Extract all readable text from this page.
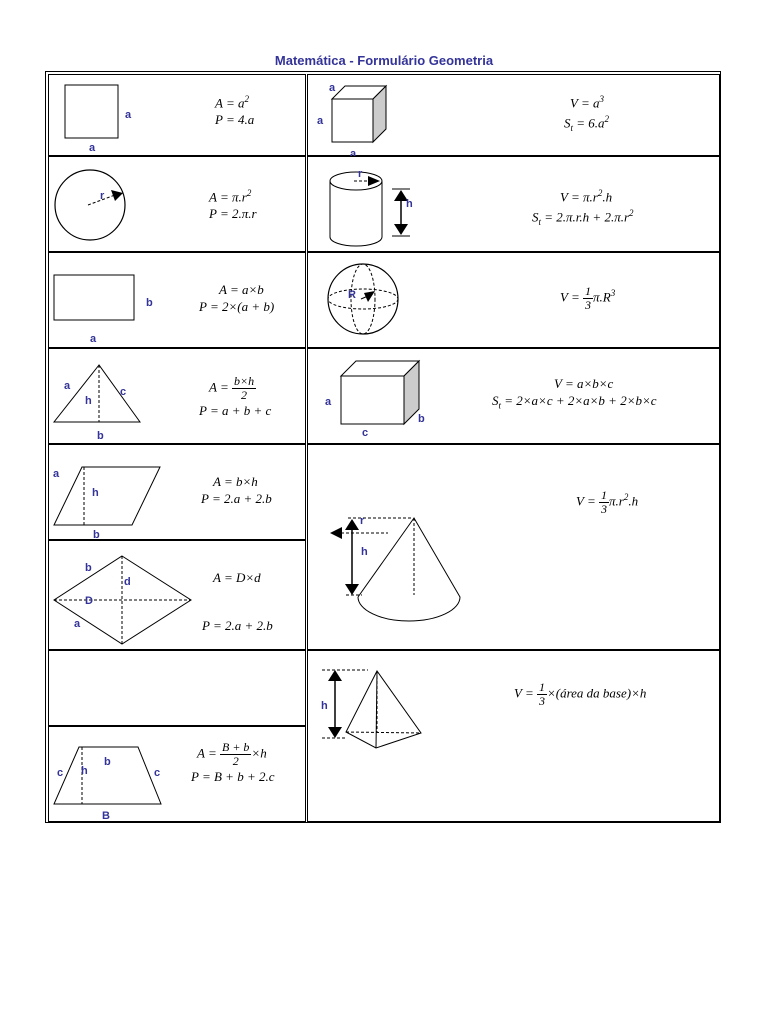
Matemática - Formulário Geometria
a
a
$A = a^2$
P = 4.a
r	$A = \pi.r^2$
P = 2.π.r
b
a
A = a×b
P = 2×(a + b)
a
h
c
b
$A = \frac{b\times h}{2}$
P = a + b + c
a
h
b
A = b×h
P = 2.a + 2.b
b
d
D
a
A = D×d
P = 2.a + 2.b
c h
b
c
B
$A = \frac{B + b}{2} \times h$
P = B + b + 2.c
a
a
a
$V = a^3$
$S_t = 6.a^2$
r
h	$V = \pi.r^2.h$
$S_t = 2.\pi.r.h + 2.\pi.r^2$
R	$V = \frac{1}{3} \pi.R^3$
a
c
b
V = a×b×c
$S_t = 2\times a\times c + 2\times a\times b + 2\times b\times c$
r
h
$V = \frac{1}{3} \pi.r^2.h$
h
$V = \frac{1}{3}$ ×(área da base)×h
